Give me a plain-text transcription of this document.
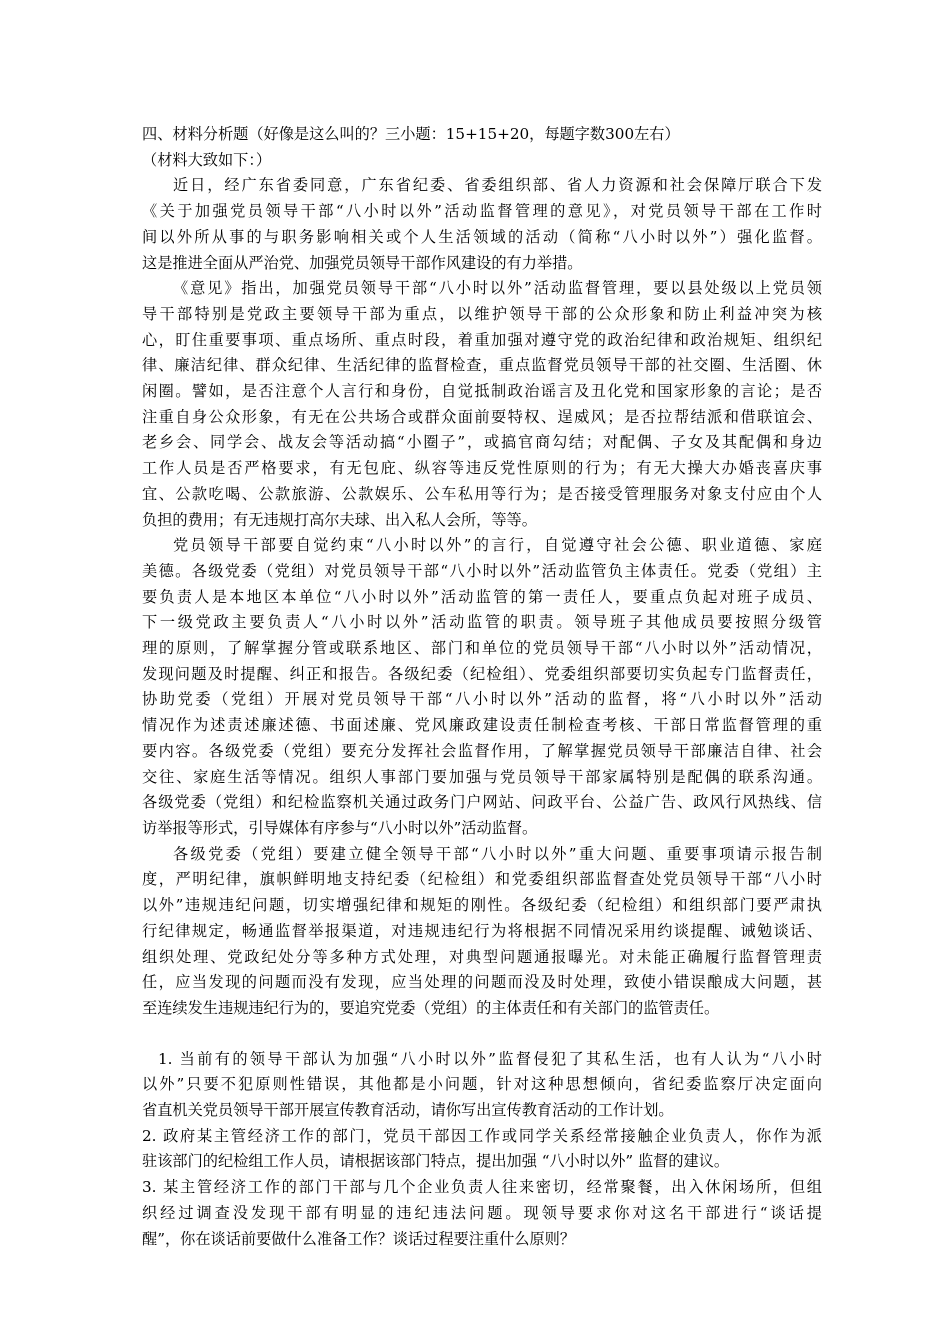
四、材料分析题（好像是这么叫的？三小题：15+15+20，每题字数300左右）

（材料大致如下：）

近日，经广东省委同意，广东省纪委、省委组织部、省人力资源和社会保障厅联合下发

《关于加强党员领导干部“八小时以外”活动监督管理的意见》，对党员领导干部在工作时

间以外所从事的与职务影响相关或个人生活领域的活动（简称“八小时以外”）强化监督。

这是推进全面从严治党、加强党员领导干部作风建设的有力举措。

《意见》指出，加强党员领导干部“八小时以外”活动监督管理，要以县处级以上党员领

导干部特别是党政主要领导干部为重点，以维护领导干部的公众形象和防止利益冲突为核

心，盯住重要事项、重点场所、重点时段，着重加强对遵守党的政治纪律和政治规矩、组织纪

律、廉洁纪律、群众纪律、生活纪律的监督检查，重点监督党员领导干部的社交圈、生活圈、休

闲圈。譬如，是否注意个人言行和身份，自觉抵制政治谣言及丑化党和国家形象的言论；是否

注重自身公众形象，有无在公共场合或群众面前耍特权、逞威风；是否拉帮结派和借联谊会、

老乡会、同学会、战友会等活动搞“小圈子”，或搞官商勾结；对配偶、子女及其配偶和身边

工作人员是否严格要求，有无包庇、纵容等违反党性原则的行为；有无大操大办婚丧喜庆事

宜、公款吃喝、公款旅游、公款娱乐、公车私用等行为；是否接受管理服务对象支付应由个人

负担的费用；有无违规打高尔夫球、出入私人会所，等等。

党员领导干部要自觉约束“八小时以外”的言行，自觉遵守社会公德、职业道德、家庭

美德。各级党委（党组）对党员领导干部“八小时以外”活动监管负主体责任。党委（党组）主

要负责人是本地区本单位“八小时以外”活动监管的第一责任人，要重点负起对班子成员、

下一级党政主要负责人“八小时以外”活动监管的职责。领导班子其他成员要按照分级管

理的原则，了解掌握分管或联系地区、部门和单位的党员领导干部“八小时以外”活动情况，

发现问题及时提醒、纠正和报告。各级纪委（纪检组）、党委组织部要切实负起专门监督责任，

协助党委（党组）开展对党员领导干部“八小时以外”活动的监督，将“八小时以外”活动

情况作为述责述廉述德、书面述廉、党风廉政建设责任制检查考核、干部日常监督管理的重

要内容。各级党委（党组）要充分发挥社会监督作用，了解掌握党员领导干部廉洁自律、社会

交往、家庭生活等情况。组织人事部门要加强与党员领导干部家属特别是配偶的联系沟通。

各级党委（党组）和纪检监察机关通过政务门户网站、问政平台、公益广告、政风行风热线、信

访举报等形式，引导媒体有序参与“八小时以外”活动监督。

各级党委（党组）要建立健全领导干部“八小时以外”重大问题、重要事项请示报告制

度，严明纪律，旗帜鲜明地支持纪委（纪检组）和党委组织部监督查处党员领导干部“八小时

以外”违规违纪问题，切实增强纪律和规矩的刚性。各级纪委（纪检组）和组织部门要严肃执

行纪律规定，畅通监督举报渠道，对违规违纪行为将根据不同情况采用约谈提醒、诫勉谈话、

组织处理、党政纪处分等多种方式处理，对典型问题通报曝光。对未能正确履行监督管理责

任，应当发现的问题而没有发现，应当处理的问题而没及时处理，致使小错误酿成大问题，甚

至连续发生违规违纪行为的，要追究党委（党组）的主体责任和有关部门的监管责任。

1. 当前有的领导干部认为加强“八小时以外”监督侵犯了其私生活，也有人认为“八小时

以外”只要不犯原则性错误，其他都是小问题，针对这种思想倾向，省纪委监察厅决定面向

省直机关党员领导干部开展宣传教育活动，请你写出宣传教育活动的工作计划。

2. 政府某主管经济工作的部门，党员干部因工作或同学关系经常接触企业负责人，你作为派

驻该部门的纪检组工作人员，请根据该部门特点，提出加强 “八小时以外” 监督的建议。

3. 某主管经济工作的部门干部与几个企业负责人往来密切，经常聚餐，出入休闲场所，但组

织经过调查没发现干部有明显的违纪违法问题。现领导要求你对这名干部进行“谈话提

醒”，你在谈话前要做什么准备工作？谈话过程要注重什么原则？
